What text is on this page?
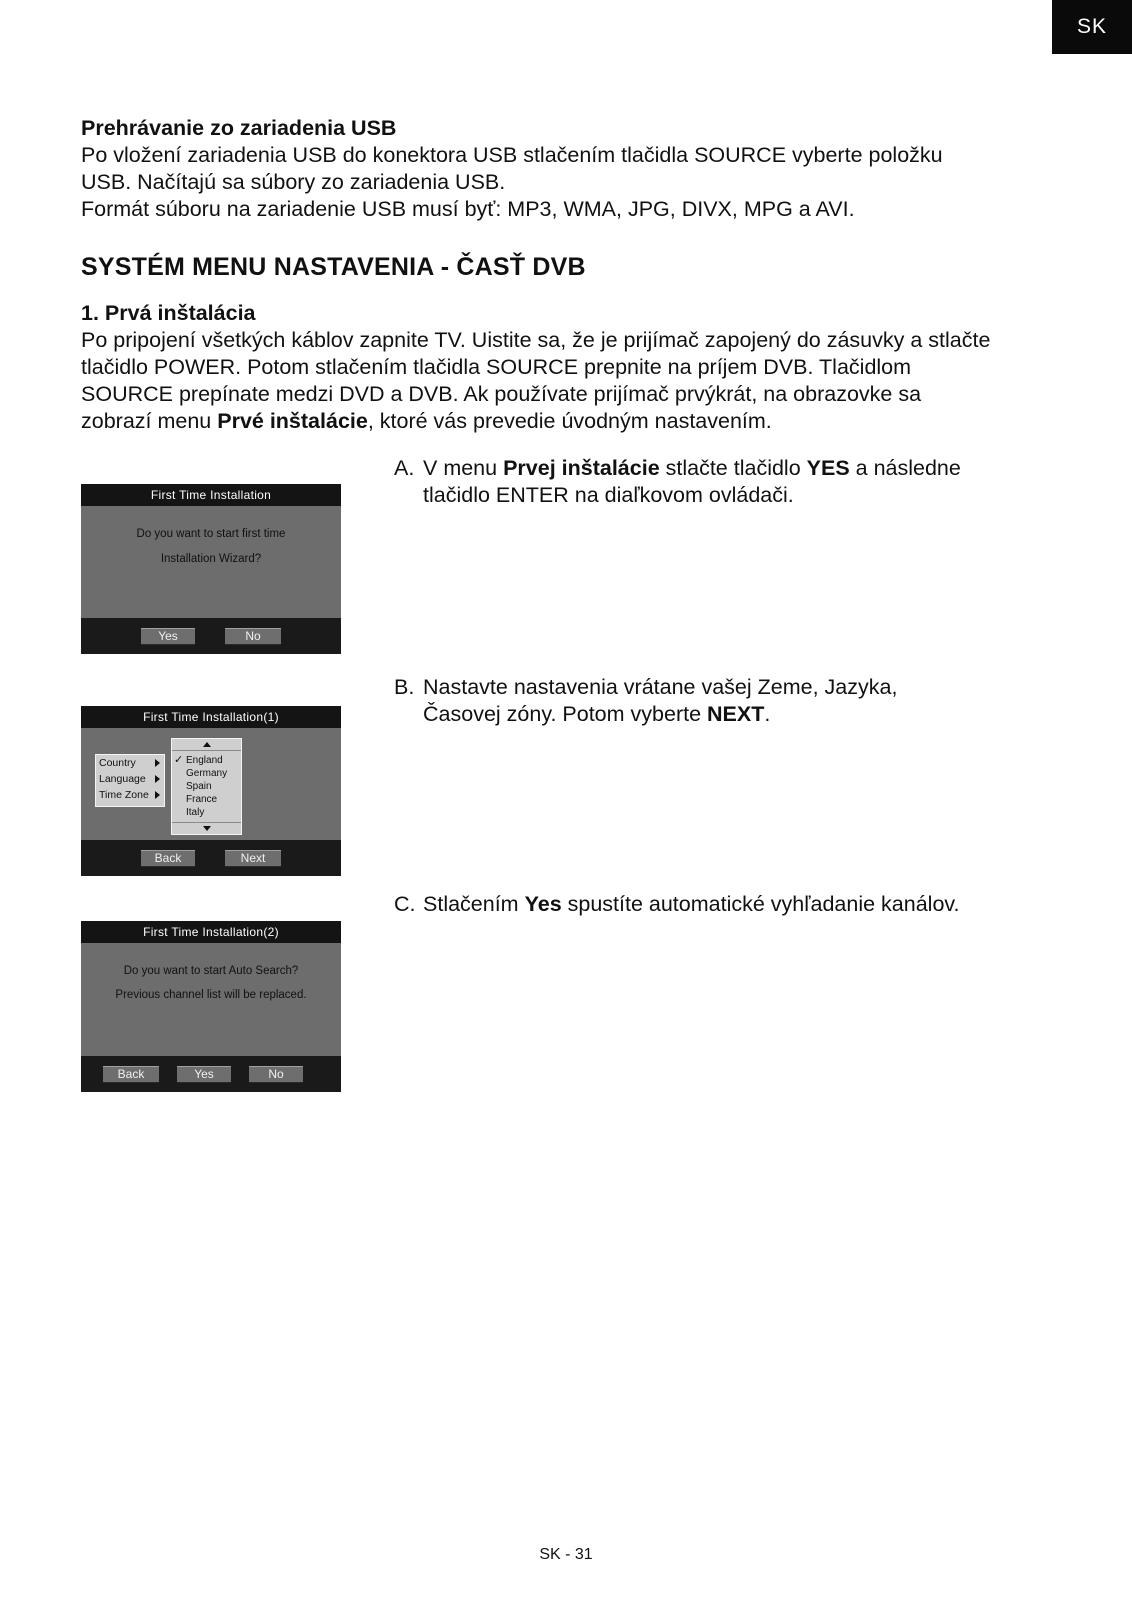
SK
Prehrávanie zo zariadenia USB
Po vložení zariadenia USB do konektora USB stlačením tlačidla SOURCE vyberte položku
USB. Načítajú sa súbory zo zariadenia USB.
Formát súboru na zariadenie USB musí byť: MP3, WMA, JPG, DIVX, MPG a AVI.
SYSTÉM MENU NASTAVENIA - ČASŤ DVB
1. Prvá inštalácia
Po pripojení všetkých káblov zapnite TV. Uistite sa, že je prijímač zapojený do zásuvky a stlačte
tlačidlo POWER. Potom stlačením tlačidla SOURCE prepnite na príjem DVB. Tlačidlom
SOURCE prepínate medzi DVD a DVB. Ak používate prijímač prvýkrát, na obrazovke sa
zobrazí menu Prvé inštalácie, ktoré vás prevedie úvodným nastavením.
A. V menu Prvej inštalácie stlačte tlačidlo YES a následne
tlačidlo ENTER na diaľkovom ovládači.
B. Nastavte nastavenia vrátane vašej Zeme, Jazyka,
Časovej zóny. Potom vyberte NEXT.
C. Stlačením Yes spustíte automatické vyhľadanie kanálov.
First Time Installation
Do you want to start first time
Installation Wizard?
Yes	No
First Time Installation(1)
Country
Language
Time Zone
✓ England
Germany
Spain
France
Italy
Back	Next
First Time Installation(2)
Do you want to start Auto Search?
Previous channel list will be replaced.
Back	Yes	No
SK - 31
